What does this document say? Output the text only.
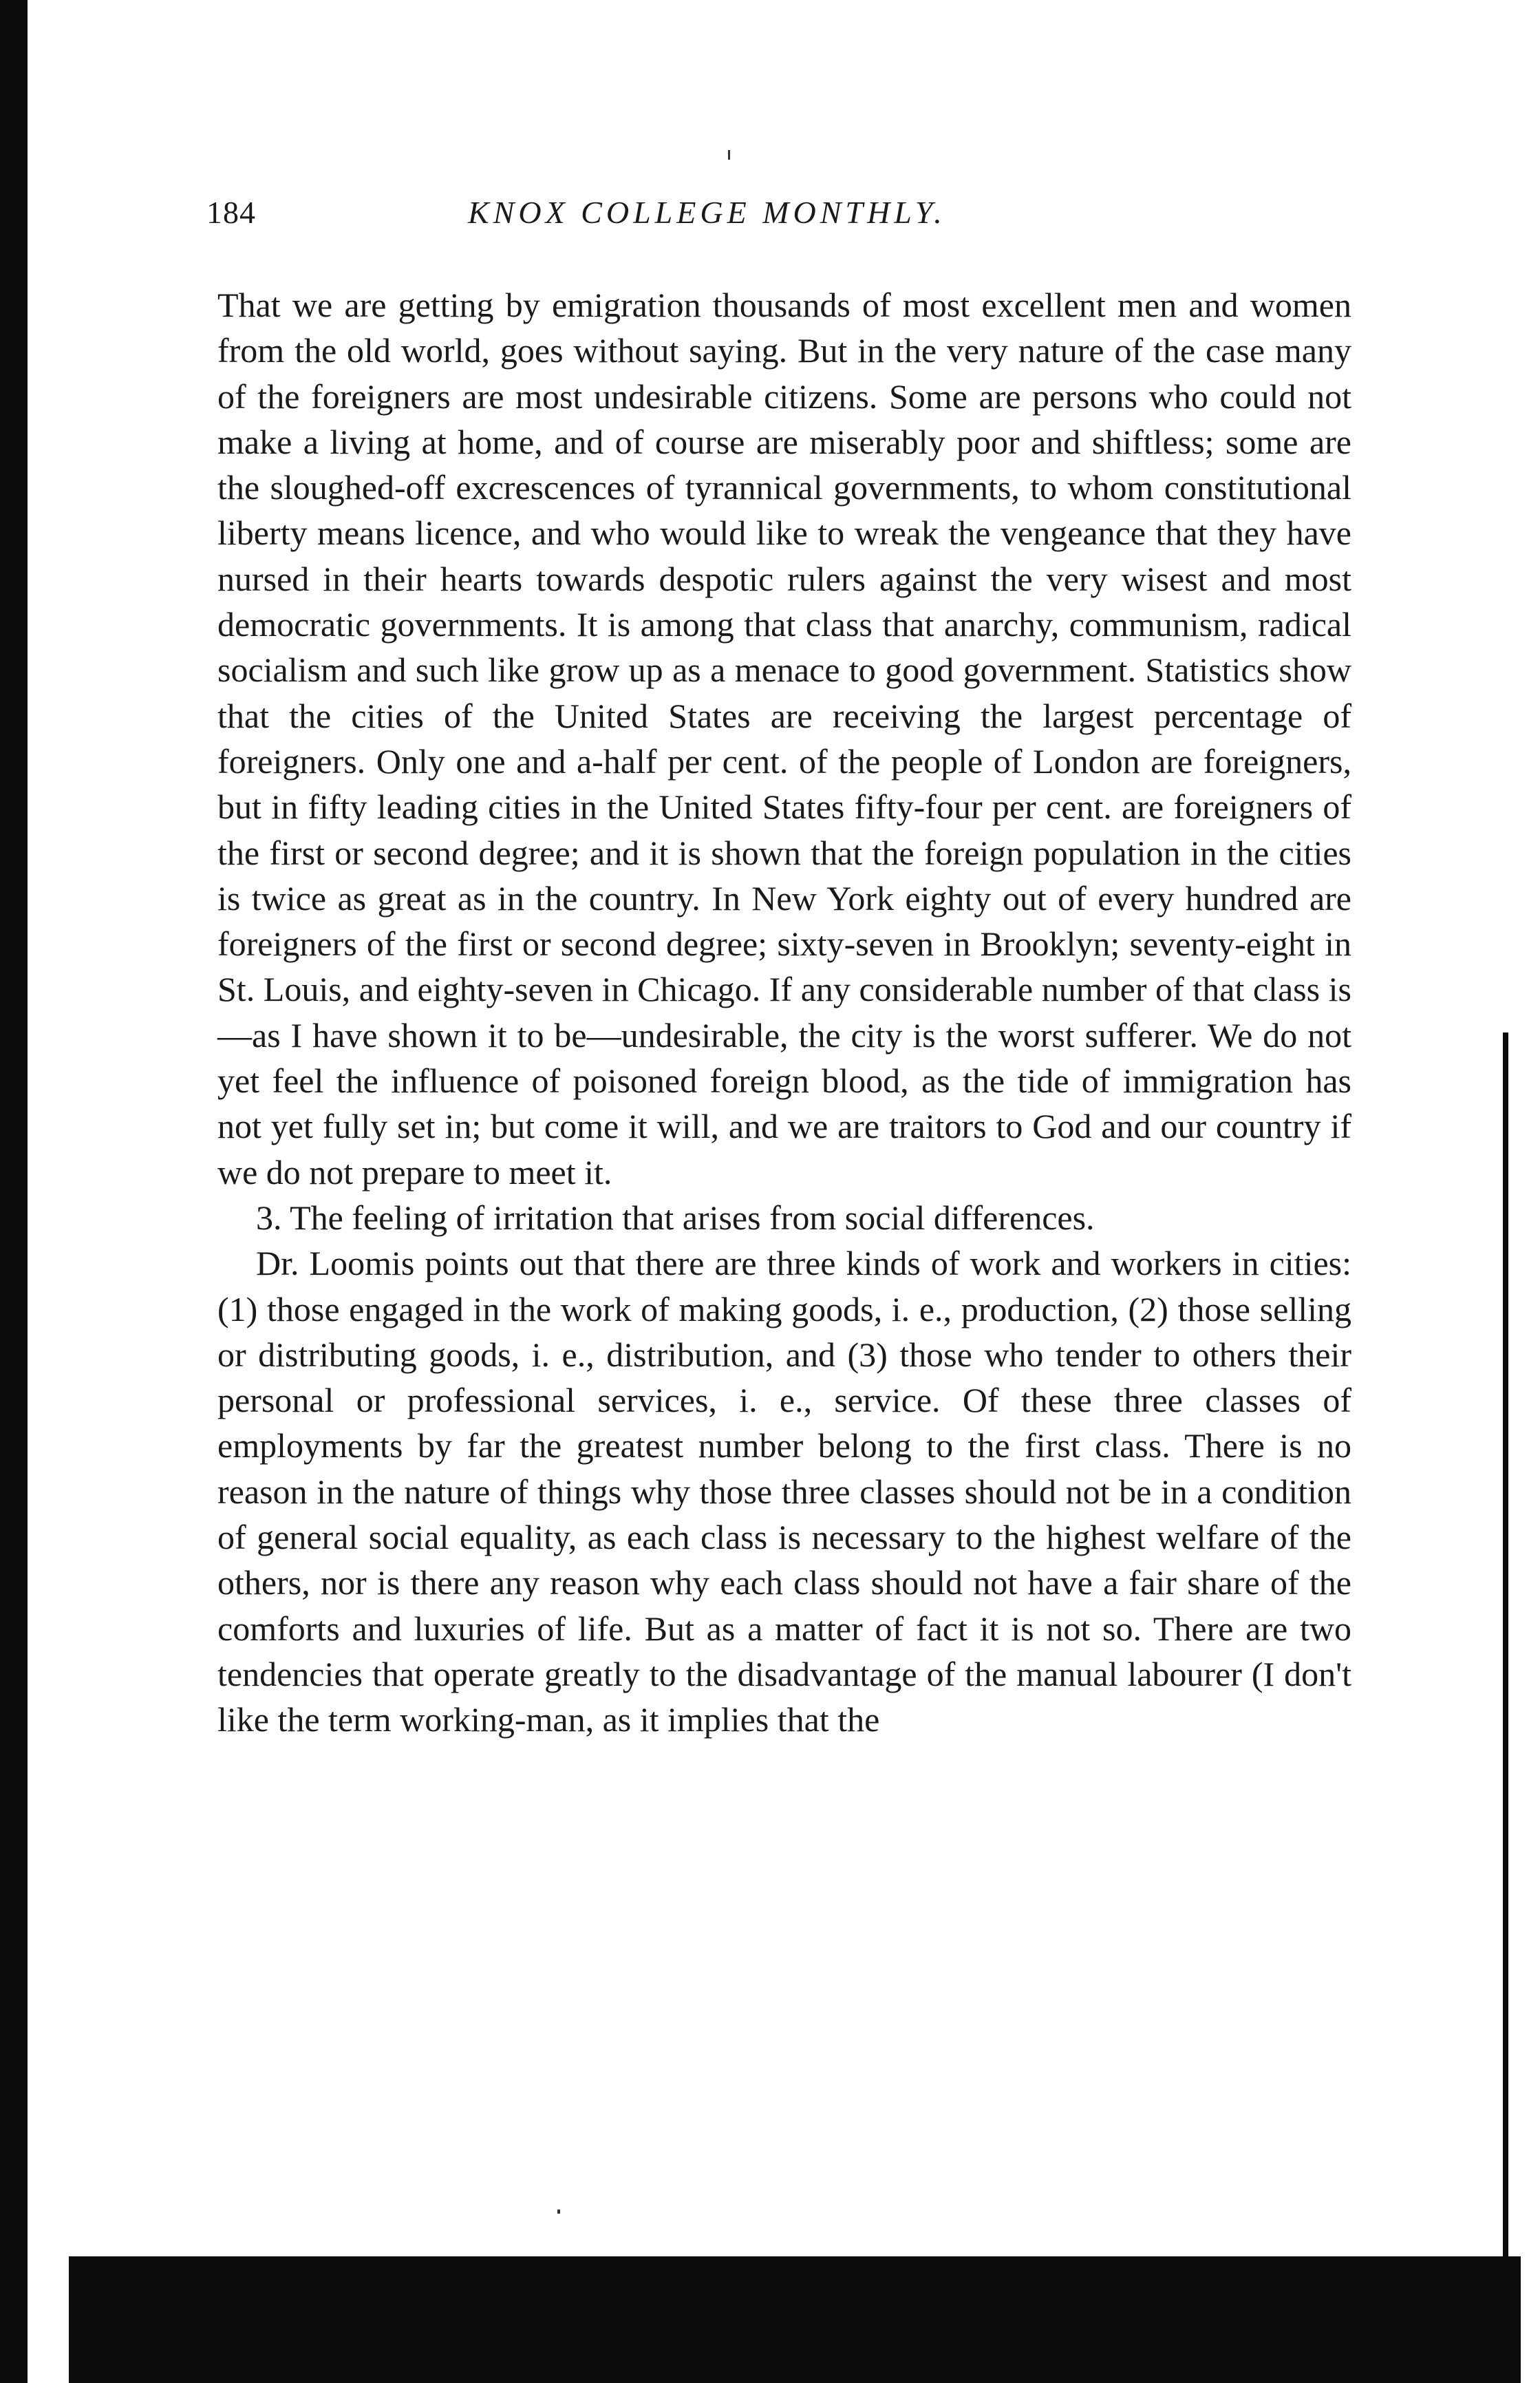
184	KNOX COLLEGE MONTHLY.

That we are getting by emigration thousands of most excellent men and women from the old world, goes without saying. But in the very nature of the case many of the foreigners are most undesirable citizens. Some are persons who could not make a living at home, and of course are miserably poor and shiftless; some are the sloughed-off excrescences of tyrannical governments, to whom constitutional liberty means licence, and who would like to wreak the vengeance that they have nursed in their hearts towards despotic rulers against the very wisest and most democratic governments. It is among that class that anarchy, communism, radical socialism and such like grow up as a menace to good government. Statistics show that the cities of the United States are receiving the largest percentage of foreigners. Only one and a-half per cent. of the people of London are foreigners, but in fifty leading cities in the United States fifty-four per cent. are foreigners of the first or second degree; and it is shown that the foreign population in the cities is twice as great as in the country. In New York eighty out of every hundred are foreigners of the first or second degree; sixty-seven in Brooklyn; seventy-eight in St. Louis, and eighty-seven in Chicago. If any considerable number of that class is—as I have shown it to be—undesirable, the city is the worst sufferer. We do not yet feel the influence of poisoned foreign blood, as the tide of immigration has not yet fully set in; but come it will, and we are traitors to God and our country if we do not prepare to meet it.

3. The feeling of irritation that arises from social differences.

Dr. Loomis points out that there are three kinds of work and workers in cities: (1) those engaged in the work of making goods, i. e., production, (2) those selling or distributing goods, i. e., distribution, and (3) those who tender to others their personal or professional services, i. e., service. Of these three classes of employments by far the greatest number belong to the first class. There is no reason in the nature of things why those three classes should not be in a condition of general social equality, as each class is necessary to the highest welfare of the others, nor is there any reason why each class should not have a fair share of the comforts and luxuries of life. But as a matter of fact it is not so. There are two tendencies that operate greatly to the disadvantage of the manual labourer (I don't like the term working-man, as it implies that the
